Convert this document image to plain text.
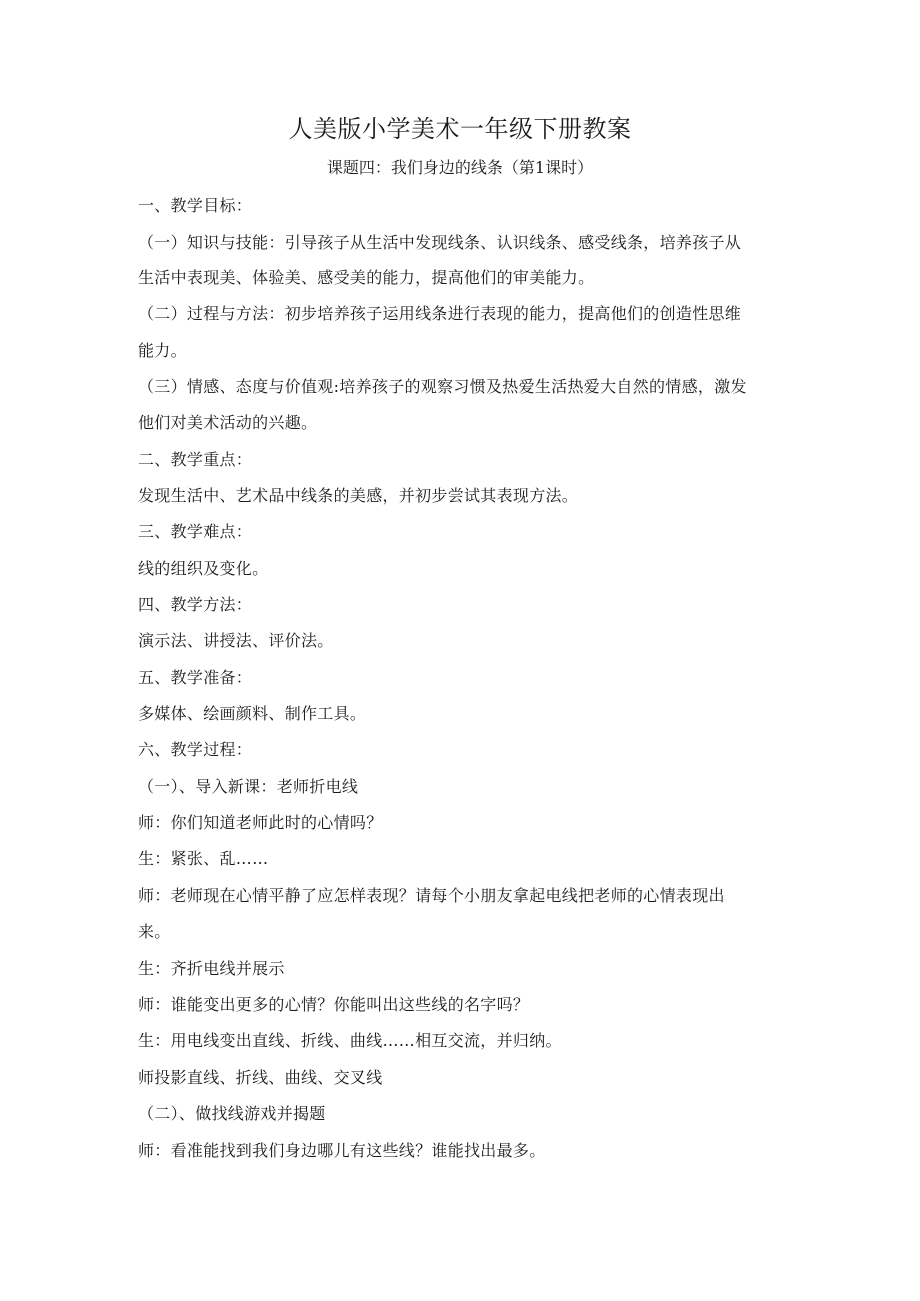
人美版小学美术一年级下册教案
课题四：我们身边的线条（第1课时）
一、教学目标：
（一）知识与技能：引导孩子从生活中发现线条、认识线条、感受线条，培养孩子从
生活中表现美、体验美、感受美的能力，提高他们的审美能力。
（二）过程与方法：初步培养孩子运用线条进行表现的能力，提高他们的创造性思维
能力。
（三）情感、态度与价值观:培养孩子的观察习惯及热爱生活热爱大自然的情感，激发
他们对美术活动的兴趣。
二、教学重点：
发现生活中、艺术品中线条的美感，并初步尝试其表现方法。
三、教学难点：
线的组织及变化。
四、教学方法：
演示法、讲授法、评价法。
五、教学准备：
多媒体、绘画颜料、制作工具。
六、教学过程：
（一）、导入新课：老师折电线
师：你们知道老师此时的心情吗？
生：紧张、乱……
师：老师现在心情平静了应怎样表现？请每个小朋友拿起电线把老师的心情表现出
来。
生：齐折电线并展示
师：谁能变出更多的心情？你能叫出这些线的名字吗？
生：用电线变出直线、折线、曲线……相互交流，并归纳。
师投影直线、折线、曲线、交叉线
（二）、做找线游戏并揭题
师：看准能找到我们身边哪儿有这些线？谁能找出最多。
